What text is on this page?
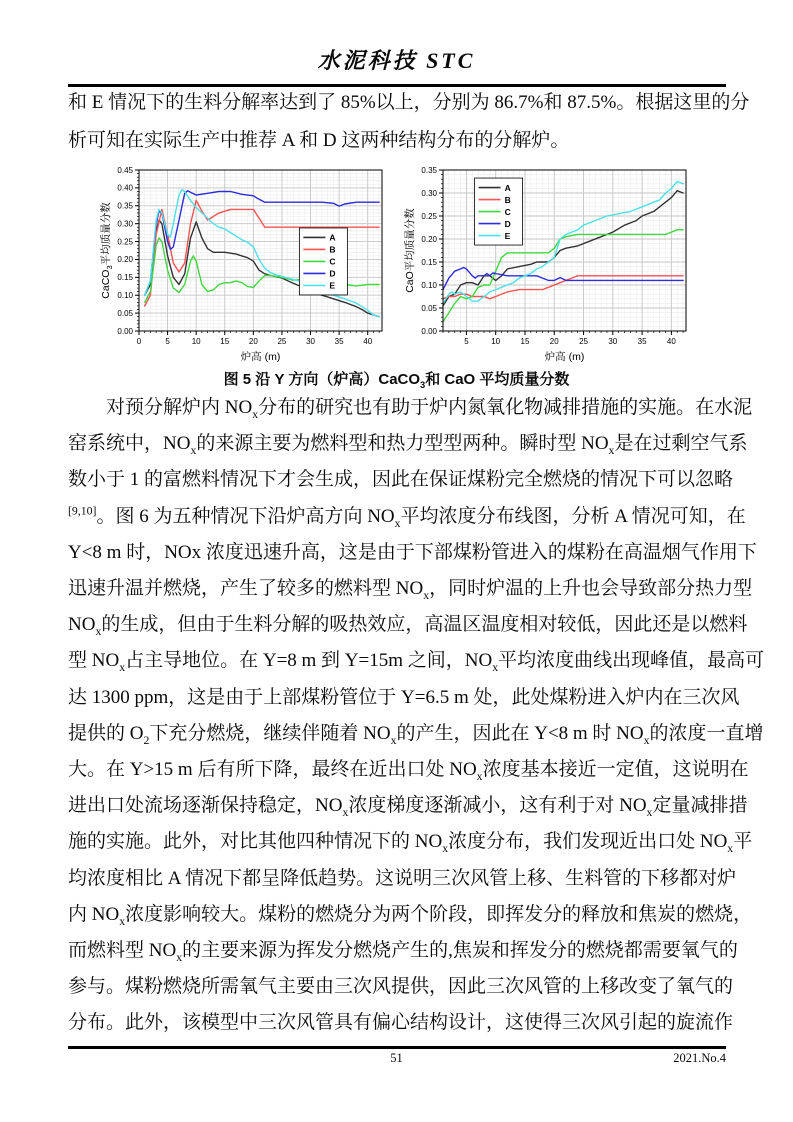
水泥科技 STC
和 E 情况下的生料分解率达到了 85%以上，分别为 86.7%和 87.5%。根据这里的分
析可知在实际生产中推荐 A 和 D 这两种结构分布的分解炉。
0	5	10 15 20 25 30 35 40
0.00
0.05
0.10
0.15
0.20
0.25
0.30
0.35
0.40
0.45
炉高 (m)
CaCO$_3$平均质量分数	A
B
C
D
E
5	10	15	20	25	30	35	40
0.00
0.05
0.10
0.15
0.20
0.25
0.30
0.35
炉高 (m)
CaO平均质量分数
A
B
C
D
E
图 5 沿 Y 方向（炉高）CaCO$_3$和 CaO 平均质量分数
　　对预分解炉内 $NO_x$分布的研究也有助于炉内氮氧化物减排措施的实施。在水泥
窑系统中，$NO_x$的来源主要为燃料型和热力型型两种。瞬时型 $NO_x$是在过剩空气系
数小于 1 的富燃料情况下才会生成，因此在保证煤粉完全燃烧的情况下可以忽略
[9,10]。图 6 为五种情况下沿炉高方向 $NO_x$平均浓度分布线图，分析 A 情况可知，在
Y<8 m 时，NOx 浓度迅速升高，这是由于下部煤粉管进入的煤粉在高温烟气作用下
迅速升温并燃烧，产生了较多的燃料型 $NO_x$，同时炉温的上升也会导致部分热力型
$NO_x$的生成，但由于生料分解的吸热效应，高温区温度相对较低，因此还是以燃料
型 $NO_x$占主导地位。在 Y=8 m 到 Y=15m 之间，$NO_x$平均浓度曲线出现峰值，最高可
达 1300 ppm，这是由于上部煤粉管位于 Y=6.5 m 处，此处煤粉进入炉内在三次风
提供的 $O_2$下充分燃烧，继续伴随着 $NO_x$的产生，因此在 Y<8 m 时 $NO_x$的浓度一直增
大。在 Y>15 m 后有所下降，最终在近出口处 $NO_x$浓度基本接近一定值，这说明在
进出口处流场逐渐保持稳定，$NO_x$浓度梯度逐渐减小，这有利于对 $NO_x$定量减排措
施的实施。此外，对比其他四种情况下的 $NO_x$浓度分布，我们发现近出口处 $NO_x$平
均浓度相比 A 情况下都呈降低趋势。这说明三次风管上移、生料管的下移都对炉
内 $NO_x$浓度影响较大。煤粉的燃烧分为两个阶段，即挥发分的释放和焦炭的燃烧，
而燃料型 $NO_x$的主要来源为挥发分燃烧产生的,焦炭和挥发分的燃烧都需要氧气的
参与。煤粉燃烧所需氧气主要由三次风提供，因此三次风管的上移改变了氧气的
分布。此外，该模型中三次风管具有偏心结构设计，这使得三次风引起的旋流作
51	2021.No.4
